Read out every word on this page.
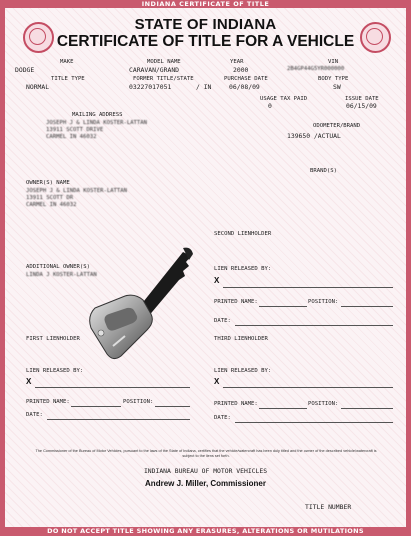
INDIANA CERTIFICATE OF TITLE
STATE OF INDIANA
CERTIFICATE OF TITLE FOR A VEHICLE
MAKE	MODEL NAME	YEAR	VIN
DODGE	CARAVAN/GRAND	2000	2B4GP44G5YR000000
TITLE TYPE	FORMER TITLE/STATE	PURCHASE DATE	BODY TYPE
NORMAL	03227017051	/ IN	06/08/09	SW
USAGE TAX PAID	ISSUE DATE
0	06/15/09
MAILING ADDRESS
JOSEPH J & LINDA KOSTER-LATTAN
13911 SCOTT DRIVE
CARMEL IN 46032
ODOMETER/BRAND
139650 /ACTUAL
BRAND(S)
OWNER(S) NAME
JOSEPH J & LINDA KOSTER-LATTAN
13911 SCOTT DR
CARMEL IN 46032
SECOND LIENHOLDER
ADDITIONAL OWNER(S)
LINDA J KOSTER-LATTAN
LIEN RELEASED BY:
X
PRINTED NAME:	POSITION:
DATE:
FIRST LIENHOLDER	THIRD LIENHOLDER
LIEN RELEASED BY:
X
PRINTED NAME:	POSITION:
DATE:
LIEN RELEASED BY:
X
PRINTED NAME:	POSITION:
DATE:
The Commissioner of the Bureau of Motor Vehicles, pursuant to the laws of the State of Indiana, certifies that the vehicle/watercraft has been duly titled and the owner of the described vehicle/watercraft is subject to the liens set forth.
INDIANA BUREAU OF MOTOR VEHICLES
Andrew J. Miller, Commissioner
TITLE NUMBER
DO NOT ACCEPT TITLE SHOWING ANY ERASURES, ALTERATIONS OR MUTILATIONS
